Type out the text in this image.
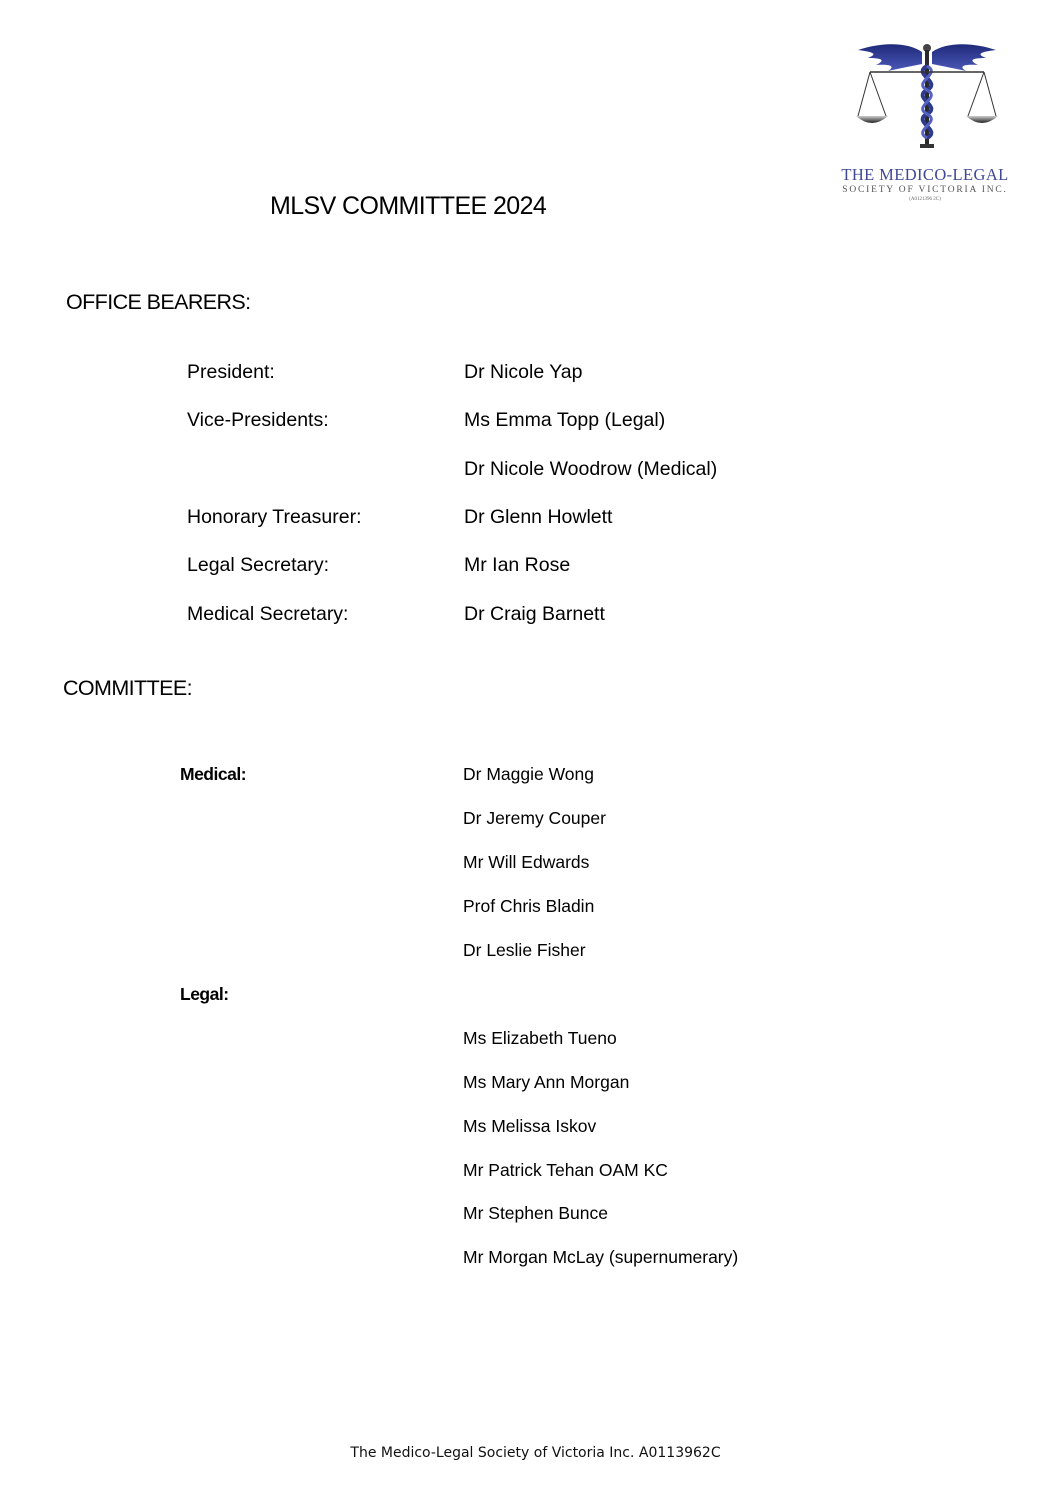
THE MEDICO-LEGAL
SOCIETY OF VICTORIA INC.
(A0121396 2C)
MLSV COMMITTEE 2024
OFFICE BEARERS:
President:	Dr Nicole Yap
Vice-Presidents:	Ms Emma Topp (Legal)
Dr Nicole Woodrow (Medical)
Honorary Treasurer:	Dr Glenn Howlett
Legal Secretary:	Mr Ian Rose
Medical Secretary:	Dr Craig Barnett
COMMITTEE:
Medical:	Dr Maggie Wong
Dr Jeremy Couper
Mr Will Edwards
Prof Chris Bladin
Dr Leslie Fisher
Legal:
Ms Elizabeth Tueno
Ms Mary Ann Morgan
Ms Melissa Iskov
Mr Patrick Tehan OAM KC
Mr Stephen Bunce
Mr Morgan McLay (supernumerary)
The Medico-Legal Society of Victoria Inc. A0113962C
